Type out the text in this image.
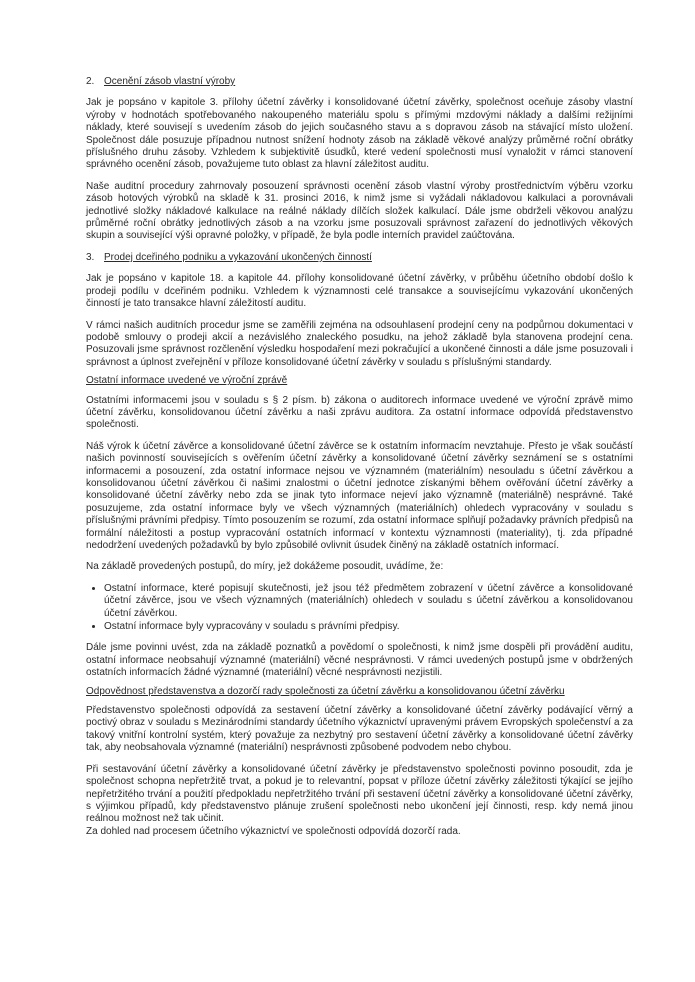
2. Ocenění zásob vlastní výroby

Jak je popsáno v kapitole 3. přílohy účetní závěrky i konsolidované účetní závěrky, společnost oceňuje zásoby vlastní výroby v hodnotách spotřebovaného nakoupeného materiálu spolu s přímými mzdovými náklady a dalšími režijními náklady, které souvisejí s uvedením zásob do jejich současného stavu a s dopravou zásob na stávající místo uložení. Společnost dále posuzuje případnou nutnost snížení hodnoty zásob na základě věkové analýzy průměrné roční obrátky příslušného druhu zásoby. Vzhledem k subjektivitě úsudků, které vedení společnosti musí vynaložit v rámci stanovení správného ocenění zásob, považujeme tuto oblast za hlavní záležitost auditu.

Naše auditní procedury zahrnovaly posouzení správnosti ocenění zásob vlastní výroby prostřednictvím výběru vzorku zásob hotových výrobků na skladě k 31. prosinci 2016, k nimž jsme si vyžádali nákladovou kalkulaci a porovnávali jednotlivé složky nákladové kalkulace na reálné náklady dílčích složek kalkulací. Dále jsme obdrželi věkovou analýzu průměrné roční obrátky jednotlivých zásob a na vzorku jsme posuzovali správnost zařazení do jednotlivých věkových skupin a související výši opravné položky, v případě, že byla podle interních pravidel zaúčtována.

3. Prodej dceřiného podniku a vykazování ukončených činností

Jak je popsáno v kapitole 18. a kapitole 44. přílohy konsolidované účetní závěrky, v průběhu účetního období došlo k prodeji podílu v dceřiném podniku. Vzhledem k významnosti celé transakce a souvisejícímu vykazování ukončených činností je tato transakce hlavní záležitostí auditu.

V rámci našich auditních procedur jsme se zaměřili zejména na odsouhlasení prodejní ceny na podpůrnou dokumentaci v podobě smlouvy o prodeji akcií a nezávislého znaleckého posudku, na jehož základě byla stanovena prodejní cena. Posuzovali jsme správnost rozčlenění výsledku hospodaření mezi pokračující a ukončené činnosti a dále jsme posuzovali i správnost a úplnost zveřejnění v příloze konsolidované účetní závěrky v souladu s příslušnými standardy.

Ostatní informace uvedené ve výroční zprávě

Ostatními informacemi jsou v souladu s § 2 písm. b) zákona o auditorech informace uvedené ve výroční zprávě mimo účetní závěrku, konsolidovanou účetní závěrku a naši zprávu auditora. Za ostatní informace odpovídá představenstvo společnosti.

Náš výrok k účetní závěrce a konsolidované účetní závěrce se k ostatním informacím nevztahuje. Přesto je však součástí našich povinností souvisejících s ověřením účetní závěrky a konsolidované účetní závěrky seznámení se s ostatními informacemi a posouzení, zda ostatní informace nejsou ve významném (materiálním) nesouladu s účetní závěrkou a konsolidovanou účetní závěrkou či našimi znalostmi o účetní jednotce získanými během ověřování účetní závěrky a konsolidované účetní závěrky nebo zda se jinak tyto informace nejeví jako významně (materiálně) nesprávné. Také posuzujeme, zda ostatní informace byly ve všech významných (materiálních) ohledech vypracovány v souladu s příslušnými právními předpisy. Tímto posouzením se rozumí, zda ostatní informace splňují požadavky právních předpisů na formální náležitosti a postup vypracování ostatních informací v kontextu významnosti (materiality), tj. zda případné nedodržení uvedených požadavků by bylo způsobilé ovlivnit úsudek činěný na základě ostatních informací.

Na základě provedených postupů, do míry, jež dokážeme posoudit, uvádíme, že:

• Ostatní informace, které popisují skutečnosti, jež jsou též předmětem zobrazení v účetní závěrce a konsolidované účetní závěrce, jsou ve všech významných (materiálních) ohledech v souladu s účetní závěrkou a konsolidovanou účetní závěrkou.
• Ostatní informace byly vypracovány v souladu s právními předpisy.

Dále jsme povinni uvést, zda na základě poznatků a povědomí o společnosti, k nimž jsme dospěli při provádění auditu, ostatní informace neobsahují významné (materiální) věcné nesprávnosti. V rámci uvedených postupů jsme v obdržených ostatních informacích žádné významné (materiální) věcné nesprávnosti nezjistili.

Odpovědnost představenstva a dozorčí rady společnosti za účetní závěrku a konsolidovanou účetní závěrku

Představenstvo společnosti odpovídá za sestavení účetní závěrky a konsolidované účetní závěrky podávající věrný a poctivý obraz v souladu s Mezinárodními standardy účetního výkaznictví upravenými právem Evropských společenství a za takový vnitřní kontrolní systém, který považuje za nezbytný pro sestavení účetní závěrky a konsolidované účetní závěrky tak, aby neobsahovala významné (materiální) nesprávnosti způsobené podvodem nebo chybou.

Při sestavování účetní závěrky a konsolidované účetní závěrky je představenstvo společnosti povinno posoudit, zda je společnost schopna nepřetržitě trvat, a pokud je to relevantní, popsat v příloze účetní závěrky záležitosti týkající se jejího nepřetržitého trvání a použití předpokladu nepřetržitého trvání při sestavení účetní závěrky a konsolidované účetní závěrky, s výjimkou případů, kdy představenstvo plánuje zrušení společnosti nebo ukončení její činnosti, resp. kdy nemá jinou reálnou možnost než tak učinit.

Za dohled nad procesem účetního výkaznictví ve společnosti odpovídá dozorčí rada.
